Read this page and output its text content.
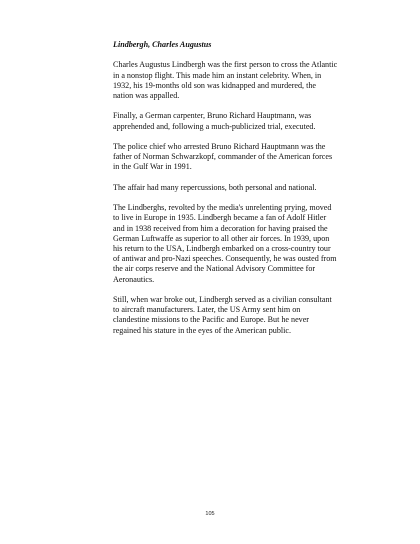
Lindbergh, Charles Augustus

Charles Augustus Lindbergh was the first person to cross the Atlantic in a nonstop flight. This made him an instant celebrity. When, in 1932, his 19-months old son was kidnapped and murdered, the nation was appalled.

Finally, a German carpenter, Bruno Richard Hauptmann, was apprehended and, following a much-publicized trial, executed.

The police chief who arrested Bruno Richard Hauptmann was the father of Norman Schwarzkopf, commander of the American forces in the Gulf War in 1991.

The affair had many repercussions, both personal and national.

The Lindberghs, revolted by the media's unrelenting prying, moved to live in Europe in 1935. Lindbergh became a fan of Adolf Hitler and in 1938 received from him a decoration for having praised the German Luftwaffe as superior to all other air forces. In 1939, upon his return to the USA, Lindbergh embarked on a cross-country tour of antiwar and pro-Nazi speeches. Consequently, he was ousted from the air corps reserve and the National Advisory Committee for Aeronautics.

Still, when war broke out, Lindbergh served as a civilian consultant to aircraft manufacturers. Later, the US Army sent him on clandestine missions to the Pacific and Europe. But he never regained his stature in the eyes of the American public.

105
